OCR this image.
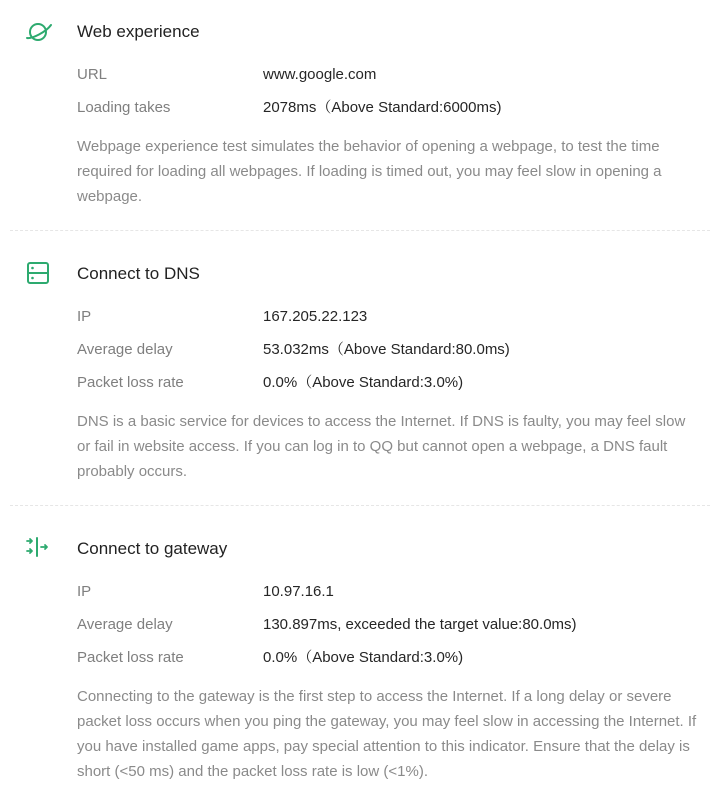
Web experience
URL	www.google.com
Loading takes	2078ms（Above Standard:6000ms)

Webpage experience test simulates the behavior of opening a webpage, to test the time required for loading all webpages. If loading is timed out, you may feel slow in opening a webpage.

Connect to DNS
IP	167.205.22.123
Average delay	53.032ms（Above Standard:80.0ms)
Packet loss rate	0.0%（Above Standard:3.0%)

DNS is a basic service for devices to access the Internet. If DNS is faulty, you may feel slow or fail in website access. If you can log in to QQ but cannot open a webpage, a DNS fault probably occurs.

Connect to gateway
IP	10.97.16.1
Average delay	130.897ms, exceeded the target value:80.0ms)
Packet loss rate	0.0%（Above Standard:3.0%)

Connecting to the gateway is the first step to access the Internet. If a long delay or severe packet loss occurs when you ping the gateway, you may feel slow in accessing the Internet. If you have installed game apps, pay special attention to this indicator. Ensure that the delay is short (<50 ms) and the packet loss rate is low (<1%).
